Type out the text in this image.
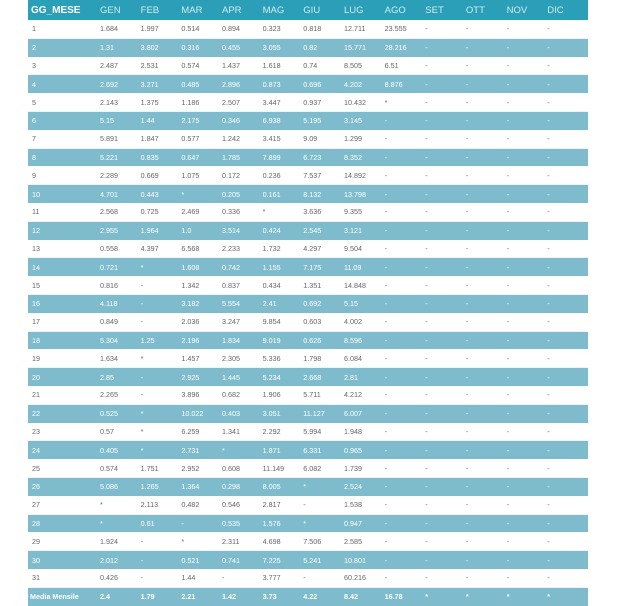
GG_MESE	GEN	FEB	MAR	APR	MAG	GIU	LUG	AGO	SET	OTT	NOV	DIC
1	1.684	1.997	0.514	0.894	0.323	0.818	12.711	23.555	-	-	-	-
2	1.31	3.802	0.316	0.455	3.055	0.82	15.771	28.216	-	-	-	-
3	2.487	2.531	0.574	1.437	1.618	0.74	8.505	6.51	-	-	-	-
4	2.692	3.271	0.485	2.896	0.873	0.696	4.202	8.876	-	-	-	-
5	2.143	1.375	1.186	2.507	3.447	0.937	10.432	*	-	-	-	-
6	5.15	1.44	2.175	0.346	6.938	5.195	3.145	-	-	-	-	-
7	5.891	1.847	0.577	1.242	3.415	9.09	1.299	-	-	-	-	-
8	5.221	0.835	0.647	1.785	7.899	6.723	8.352	-	-	-	-	-
9	2.289	0.669	1.075	0.172	0.236	7.537	14.892	-	-	-	-	-
10	4.701	0.443	*	0.205	0.161	8.132	13.798	-	-	-	-	-
11	2.568	0.725	2.469	0.336	*	3.636	9.355	-	-	-	-	-
12	2.955	1.964	1.0	3.514	0.424	2.545	3.121	-	-	-	-	-
13	0.558	4.397	6.568	2.233	1.732	4.297	9.504	-	-	-	-	-
14	0.721	*	1.608	0.742	1.155	7.175	11.09	-	-	-	-	-
15	0.816	-	1.342	0.837	0.434	1.351	14.848	-	-	-	-	-
16	4.118	-	3.182	5.554	2.41	0.692	5.15	-	-	-	-	-
17	0.849	-	2.036	3.247	9.854	0.603	4.002	-	-	-	-	-
18	5.304	1.25	2.196	1.834	9.019	0.626	8.596	-	-	-	-	-
19	1.634	*	1.457	2.305	5.336	1.798	6.084	-	-	-	-	-
20	2.85	-	2.925	1.445	5.234	2.668	2.81	-	-	-	-	-
21	2.265	-	3.896	0.682	1.906	5.711	4.212	-	-	-	-	-
22	0.525	*	10.022	0.403	3.051	11.127	6.007	-	-	-	-	-
23	0.57	*	6.259	1.341	2.292	5.994	1.948	-	-	-	-	-
24	0.405	*	2.731	*	1.871	6.331	0.965	-	-	-	-	-
25	0.574	1.751	2.952	0.608	11.149	6.082	1.739	-	-	-	-	-
26	5.086	1.265	1.364	0.298	8.005	*	2.524	-	-	-	-	-
27	*	2.113	0.482	0.546	2.817	-	1.538	-	-	-	-	-
28	*	0.61	-	0.535	1.576	*	0.947	-	-	-	-	-
29	1.924	-	*	2.311	4.698	7.506	2.585	-	-	-	-	-
30	2.012	-	0.521	0.741	7.225	5.241	10.801	-	-	-	-	-
31	0.426	-	1.44	-	3.777	-	60.216	-	-	-	-	-
Media Mensile	2.4	1.79	2.21	1.42	3.73	4.22	8.42	16.78	*	*	*	*
